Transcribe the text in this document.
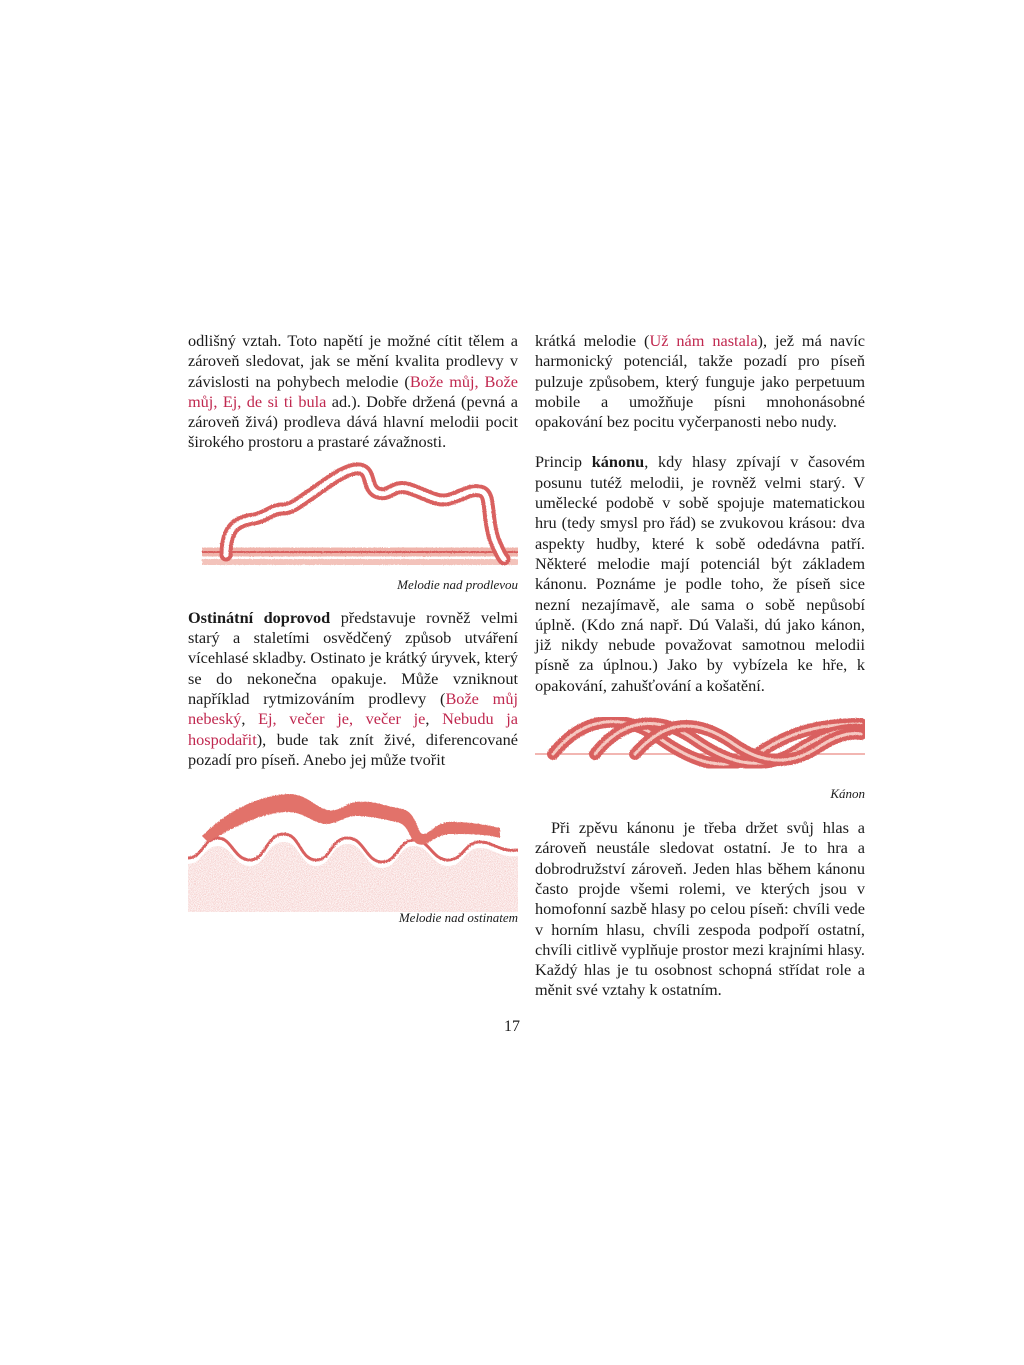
odlišný vztah. Toto napětí je možné cítit tělem a zároveň sledovat, jak se mění kvalita prodlevy v závislosti na pohybech melodie (Bože můj, Bože můj, Ej, de si ti bula ad.). Dobře držená (pevná a zároveň živá) prodleva dává hlavní melodii pocit širokého prostoru a prastaré závažnosti.

Melodie nad prodlevou

Ostinátní doprovod představuje rovněž velmi starý a staletími osvědčený způsob utváření vícehlasé skladby. Ostinato je krátký úryvek, který se do nekonečna opakuje. Může vzniknout například rytmizováním prodlevy (Bože můj nebeský, Ej, večer je, večer je, Nebudu ja hospodařit), bude tak znít živé, diferencované pozadí pro píseň. Anebo jej může tvořit

Melodie nad ostinatem

krátká melodie (Už nám nastala), jež má navíc harmonický potenciál, takže pozadí pro píseň pulzuje způsobem, který funguje jako perpetuum mobile a umožňuje písni mnohonásobné opakování bez pocitu vyčerpanosti nebo nudy.

Princip kánonu, kdy hlasy zpívají v časovém posunu tutéž melodii, je rovněž velmi starý. V umělecké podobě v sobě spojuje matematickou hru (tedy smysl pro řád) se zvukovou krásou: dva aspekty hudby, které k sobě odedávna patří. Některé melodie mají potenciál být základem kánonu. Poznáme je podle toho, že píseň sice nezní nezajímavě, ale sama o sobě nepůsobí úplně. (Kdo zná např. Dú Valaši, dú jako kánon, již nikdy nebude považovat samotnou melodii písně za úplnou.) Jako by vybízela ke hře, k opakování, zahušťování a košatění.

Kánon

Při zpěvu kánonu je třeba držet svůj hlas a zároveň neustále sledovat ostatní. Je to hra a dobrodružství zároveň. Jeden hlas během kánonu často projde všemi rolemi, ve kterých jsou v homofonní sazbě hlasy po celou píseň: chvíli vede v horním hlasu, chvíli zespoda podpoří ostatní, chvíli citlivě vyplňuje prostor mezi krajními hlasy. Každý hlas je tu osobnost schopná střídat role a měnit své vztahy k ostatním.

17
